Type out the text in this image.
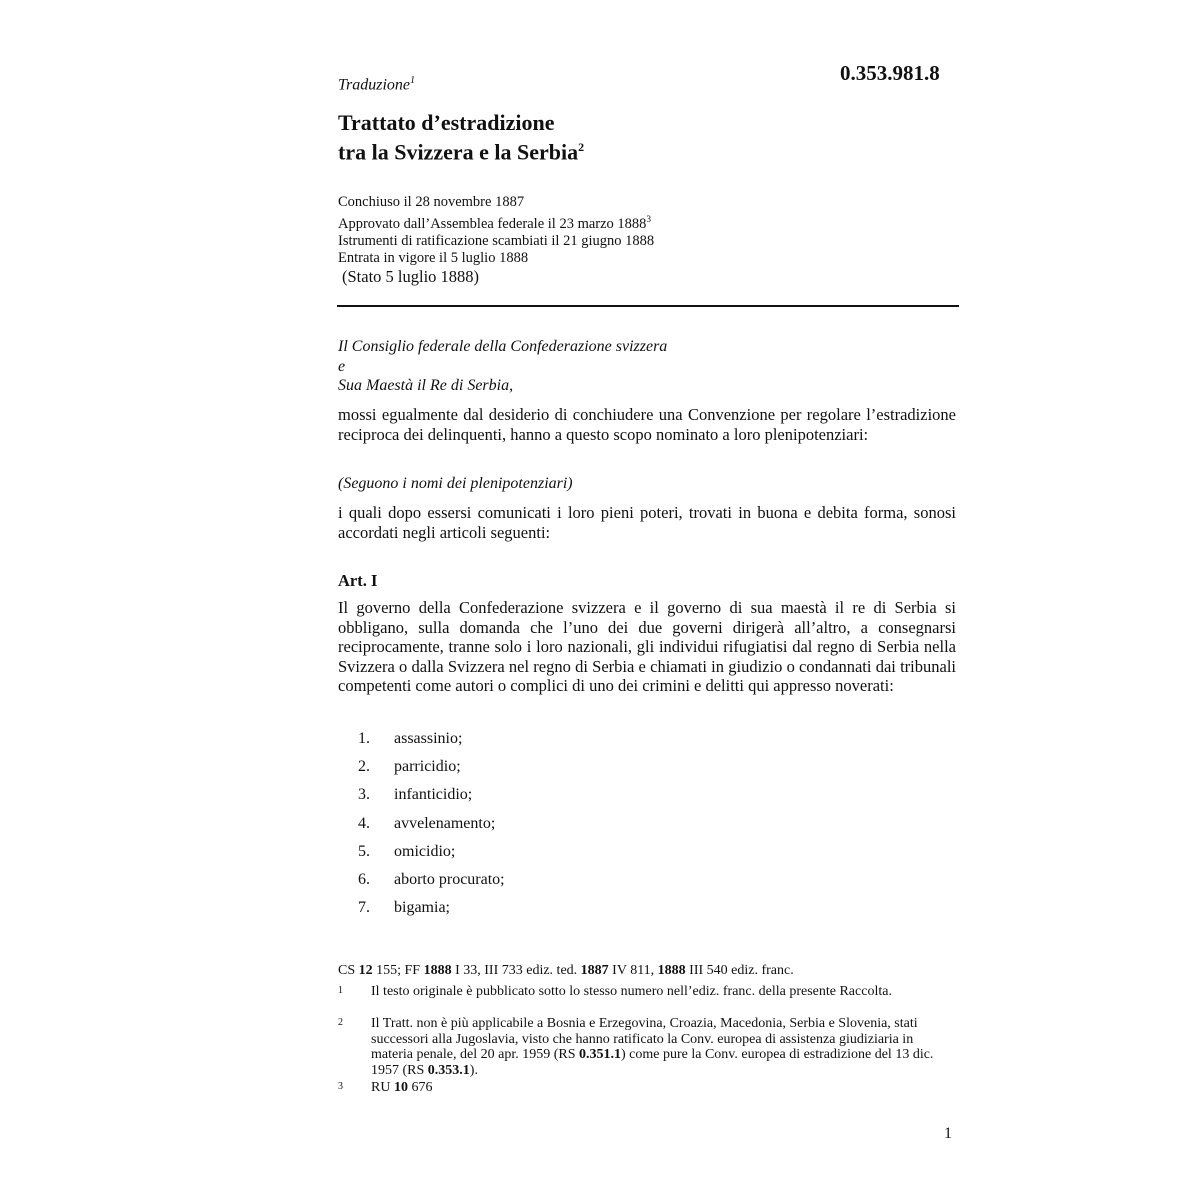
0.353.981.8
Traduzione$^1$
Trattato d’estradizione
tra la Svizzera e la Serbia$^2$
Conchiuso il 28 novembre 1887
Approvato dall’Assemblea federale il 23 marzo 1888$^3$
Istrumenti di ratificazione scambiati il 21 giugno 1888
Entrata in vigore il 5 luglio 1888
(Stato 5 luglio 1888)
Il Consiglio federale della Confederazione svizzera
e
Sua Maestà il Re di Serbia,
mossi egualmente dal desiderio di conchiudere una Convenzione per regolare l’estradizione reciproca dei delinquenti, hanno a questo scopo nominato a loro plenipotenziari:
(Seguono i nomi dei plenipotenziari)
i quali dopo essersi comunicati i loro pieni poteri, trovati in buona e debita forma, sonosi accordati negli articoli seguenti:
Art. I
Il governo della Confederazione svizzera e il governo di sua maestà il re di Serbia si obbligano, sulla domanda che l’uno dei due governi dirigerà all’altro, a consegnarsi reciprocamente, tranne solo i loro nazionali, gli individui rifugiatisi dal regno di Serbia nella Svizzera o dalla Svizzera nel regno di Serbia e chiamati in giudizio o condannati dai tribunali competenti come autori o complici di uno dei crimini e delitti qui appresso noverati:
1.	assassinio;
2.	parricidio;
3.	infanticidio;
4.	avvelenamento;
5.	omicidio;
6.	aborto procurato;
7.	bigamia;
CS 12 155; FF 1888 I 33, III 733 ediz. ted. 1887 IV 811, 1888 III 540 ediz. franc.
1	Il testo originale è pubblicato sotto lo stesso numero nell’ediz. franc. della presente Raccolta.
2	Il Tratt. non è più applicabile a Bosnia e Erzegovina, Croazia, Macedonia, Serbia e Slovenia, stati successori alla Jugoslavia, visto che hanno ratificato la Conv. europea di assistenza giudiziaria in materia penale, del 20 apr. 1959 (RS 0.351.1) come pure la Conv. europea di estradizione del 13 dic. 1957 (RS 0.353.1).
3	RU 10 676
1
